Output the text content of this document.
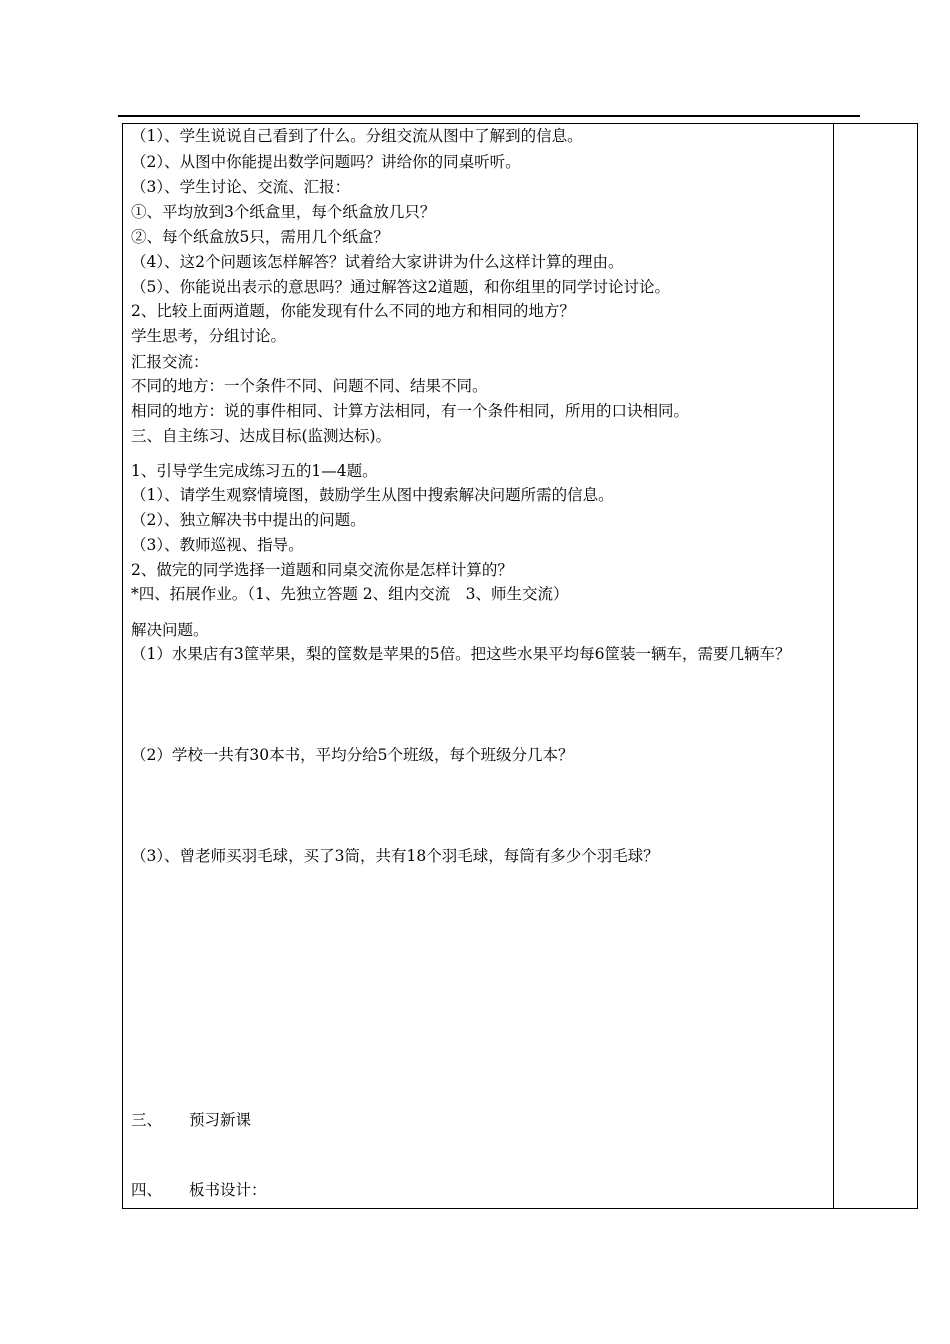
（1）、学生说说自己看到了什么。分组交流从图中了解到的信息。
（2）、从图中你能提出数学问题吗？讲给你的同桌听听。
（3）、学生讨论、交流、汇报：
①、平均放到3个纸盒里，每个纸盒放几只？
②、每个纸盒放5只，需用几个纸盒？
（4）、这2个问题该怎样解答？试着给大家讲讲为什么这样计算的理由。
（5）、你能说出表示的意思吗？通过解答这2道题，和你组里的同学讨论讨论。
2、比较上面两道题，你能发现有什么不同的地方和相同的地方？
学生思考，分组讨论。
汇报交流：
不同的地方：一个条件不同、问题不同、结果不同。
相同的地方：说的事件相同、计算方法相同，有一个条件相同，所用的口诀相同。
三、自主练习、达成目标(监测达标)。
1、引导学生完成练习五的1—4题。
（1）、请学生观察情境图，鼓励学生从图中搜索解决问题所需的信息。
（2）、独立解决书中提出的问题。
（3）、教师巡视、指导。
2、做完的同学选择一道题和同桌交流你是怎样计算的？
*四、拓展作业。（1、先独立答题 2、组内交流　3、师生交流）
解决问题。
（1）水果店有3筐苹果，梨的筐数是苹果的5倍。把这些水果平均每6筐装一辆车，需要几辆车？
（2）学校一共有30本书，平均分给5个班级，每个班级分几本？
（3）、曾老师买羽毛球，买了3筒，共有18个羽毛球，每筒有多少个羽毛球？
三、 预习新课
四、 板书设计：
